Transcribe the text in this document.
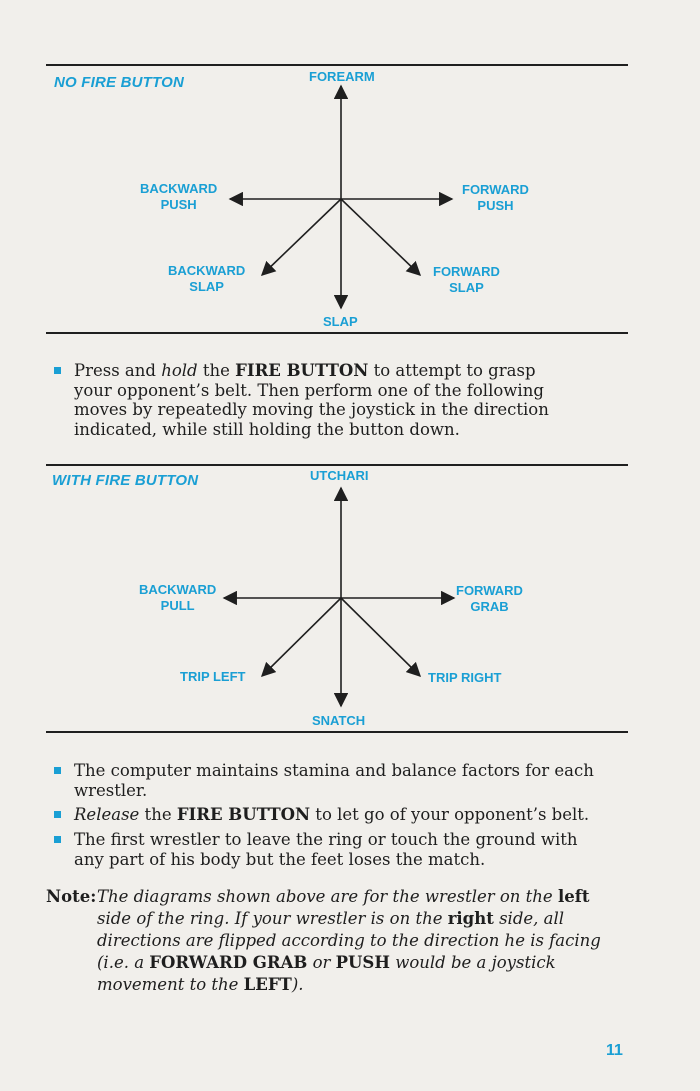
NO FIRE BUTTON	FOREARM
BACKWARD
PUSH
FORWARD
PUSH
BACKWARD
SLAP
FORWARD
SLAP
SLAP
Press and hold the FIRE BUTTON to attempt to grasp your opponent’s belt. Then perform one of the following moves by repeatedly moving the joystick in the direction indicated, while still holding the button down.
WITH FIRE BUTTON	UTCHARI
BACKWARD
PULL
FORWARD
GRAB
TRIP LEFT	TRIP RIGHT
SNATCH
The computer maintains stamina and balance factors for each wrestler.
Release the FIRE BUTTON to let go of your opponent’s belt.
The first wrestler to leave the ring or touch the ground with any part of his body but the feet loses the match.
Note: The diagrams shown above are for the wrestler on the left side of the ring. If your wrestler is on the right side, all directions are flipped according to the direction he is facing (i.e. a FORWARD GRAB or PUSH would be a joystick movement to the LEFT).
11
